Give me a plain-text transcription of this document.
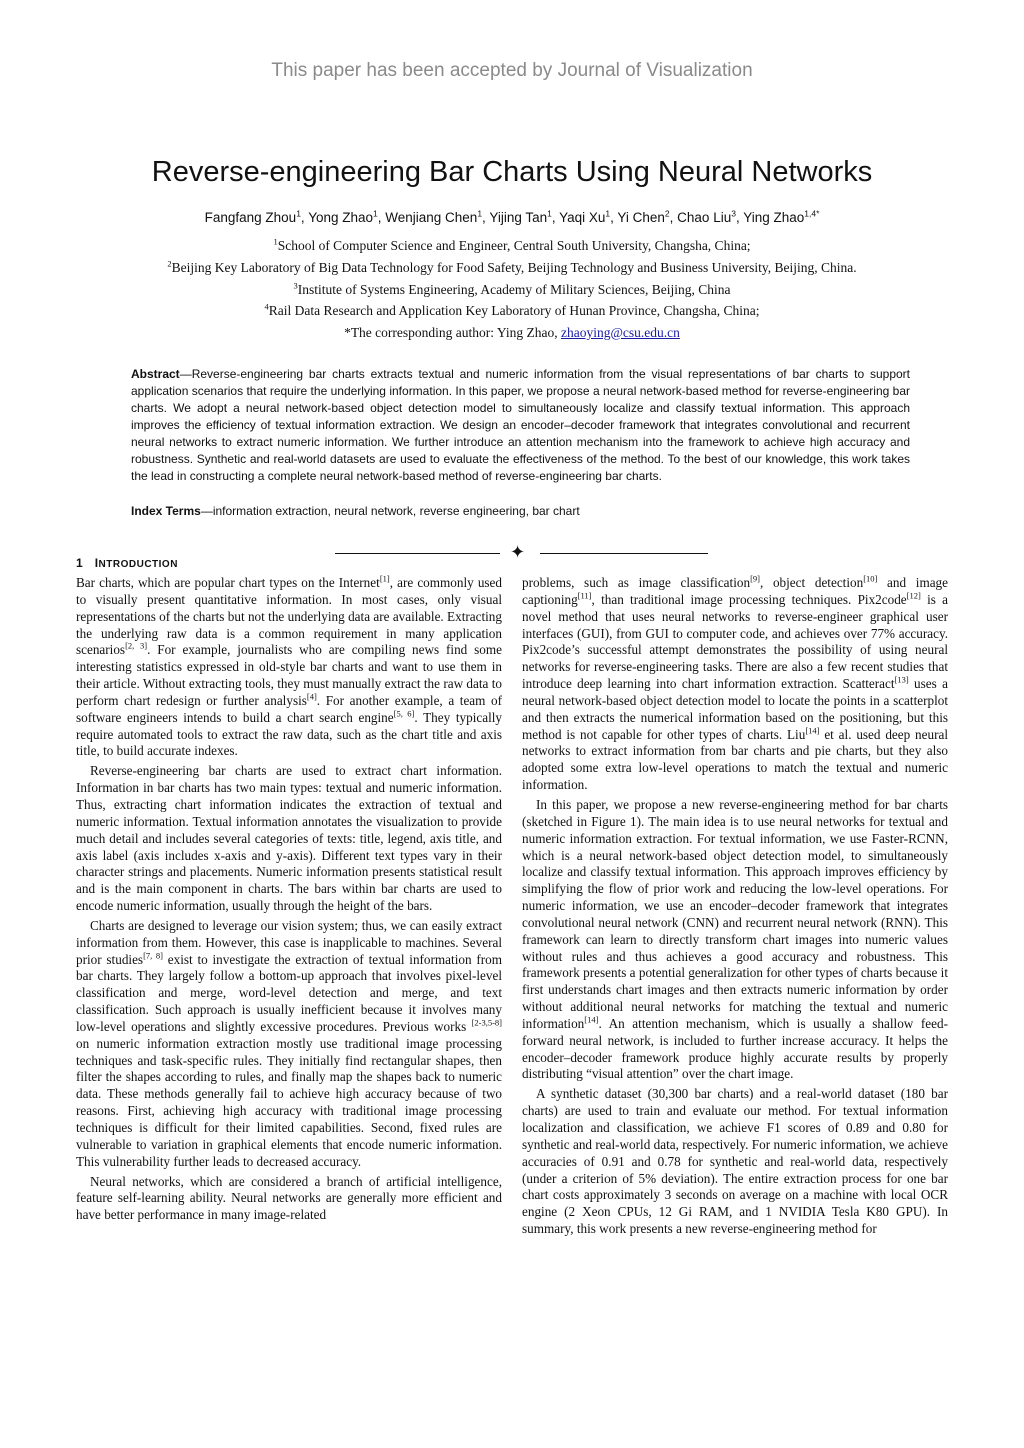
This paper has been accepted by Journal of Visualization
Reverse-engineering Bar Charts Using Neural Networks
Fangfang Zhou$^1$, Yong Zhao$^1$, Wenjiang Chen$^1$, Yijing Tan$^1$, Yaqi Xu$^1$, Yi Chen$^2$, Chao Liu$^3$, Ying Zhao$^{1,4*}$
$^1$School of Computer Science and Engineer, Central South University, Changsha, China;
$^2$Beijing Key Laboratory of Big Data Technology for Food Safety, Beijing Technology and Business University, Beijing, China.
$^3$Institute of Systems Engineering, Academy of Military Sciences, Beijing, China
$^4$Rail Data Research and Application Key Laboratory of Hunan Province, Changsha, China;
*The corresponding author: Ying Zhao, zhaoying@csu.edu.cn
Abstract—Reverse-engineering bar charts extracts textual and numeric information from the visual representations of bar charts to support application scenarios that require the underlying information. In this paper, we propose a neural network-based method for reverse-engineering bar charts. We adopt a neural network-based object detection model to simultaneously localize and classify textual information. This approach improves the efficiency of textual information extraction. We design an encoder–decoder framework that integrates convolutional and recurrent neural networks to extract numeric information. We further introduce an attention mechanism into the framework to achieve high accuracy and robustness. Synthetic and real-world datasets are used to evaluate the effectiveness of the method. To the best of our knowledge, this work takes the lead in constructing a complete neural network-based method of reverse-engineering bar charts.
Index Terms—information extraction, neural network, reverse engineering, bar chart
1 INTRODUCTION
✦

Bar charts, which are popular chart types on the Internet[1], are commonly used to visually present quantitative information. In most cases, only visual representations of the charts but not the underlying data are available. Extracting the underlying raw data is a common requirement in many application scenarios[2, 3]. For example, journalists who are compiling news find some interesting statistics expressed in old-style bar charts and want to use them in their article. Without extracting tools, they must manually extract the raw data to perform chart redesign or further analysis[4]. For another example, a team of software engineers intends to build a chart search engine[5, 6]. They typically require automated tools to extract the raw data, such as the chart title and axis title, to build accurate indexes.

Reverse-engineering bar charts are used to extract chart information. Information in bar charts has two main types: textual and numeric information. Thus, extracting chart information indicates the extraction of textual and numeric information. Textual information annotates the visualization to provide much detail and includes several categories of texts: title, legend, axis title, and axis label (axis includes x-axis and y-axis). Different text types vary in their character strings and placements. Numeric information presents statistical result and is the main component in charts. The bars within bar charts are used to encode numeric information, usually through the height of the bars.

Charts are designed to leverage our vision system; thus, we can easily extract information from them. However, this case is inapplicable to machines. Several prior studies[7, 8] exist to investigate the extraction of textual information from bar charts. They largely follow a bottom-up approach that involves pixel-level classification and merge, word-level detection and merge, and text classification. Such approach is usually inefficient because it involves many low-level operations and slightly excessive procedures. Previous works [2-3,5-8] on numeric information extraction mostly use traditional image processing techniques and task-specific rules. They initially find rectangular shapes, then filter the shapes according to rules, and finally map the shapes back to numeric data. These methods generally fail to achieve high accuracy because of two reasons. First, achieving high accuracy with traditional image processing techniques is difficult for their limited capabilities. Second, fixed rules are vulnerable to variation in graphical elements that encode numeric information. This vulnerability further leads to decreased accuracy.

Neural networks, which are considered a branch of artificial intelligence, feature self-learning ability. Neural networks are generally more efficient and have better performance in many image-related

problems, such as image classification[9], object detection[10] and image captioning[11], than traditional image processing techniques. Pix2code[12] is a novel method that uses neural networks to reverse-engineer graphical user interfaces (GUI), from GUI to computer code, and achieves over 77% accuracy. Pix2code’s successful attempt demonstrates the possibility of using neural networks for reverse-engineering tasks. There are also a few recent studies that introduce deep learning into chart information extraction. Scatteract[13] uses a neural network-based object detection model to locate the points in a scatterplot and then extracts the numerical information based on the positioning, but this method is not capable for other types of charts. Liu[14] et al. used deep neural networks to extract information from bar charts and pie charts, but they also adopted some extra low-level operations to match the textual and numeric information.

In this paper, we propose a new reverse-engineering method for bar charts (sketched in Figure 1). The main idea is to use neural networks for textual and numeric information extraction. For textual information, we use Faster-RCNN, which is a neural network-based object detection model, to simultaneously localize and classify textual information. This approach improves efficiency by simplifying the flow of prior work and reducing the low-level operations. For numeric information, we use an encoder–decoder framework that integrates convolutional neural network (CNN) and recurrent neural network (RNN). This framework can learn to directly transform chart images into numeric values without rules and thus achieves a good accuracy and robustness. This framework presents a potential generalization for other types of charts because it first understands chart images and then extracts numeric information by order without additional neural networks for matching the textual and numeric information[14]. An attention mechanism, which is usually a shallow feed-forward neural network, is included to further increase accuracy. It helps the encoder–decoder framework produce highly accurate results by properly distributing “visual attention” over the chart image.

A synthetic dataset (30,300 bar charts) and a real-world dataset (180 bar charts) are used to train and evaluate our method. For textual information localization and classification, we achieve F1 scores of 0.89 and 0.80 for synthetic and real-world data, respectively. For numeric information, we achieve accuracies of 0.91 and 0.78 for synthetic and real-world data, respectively (under a criterion of 5% deviation). The entire extraction process for one bar chart costs approximately 3 seconds on average on a machine with local OCR engine (2 Xeon CPUs, 12 Gi RAM, and 1 NVIDIA Tesla K80 GPU). In summary, this work presents a new reverse-engineering method for
